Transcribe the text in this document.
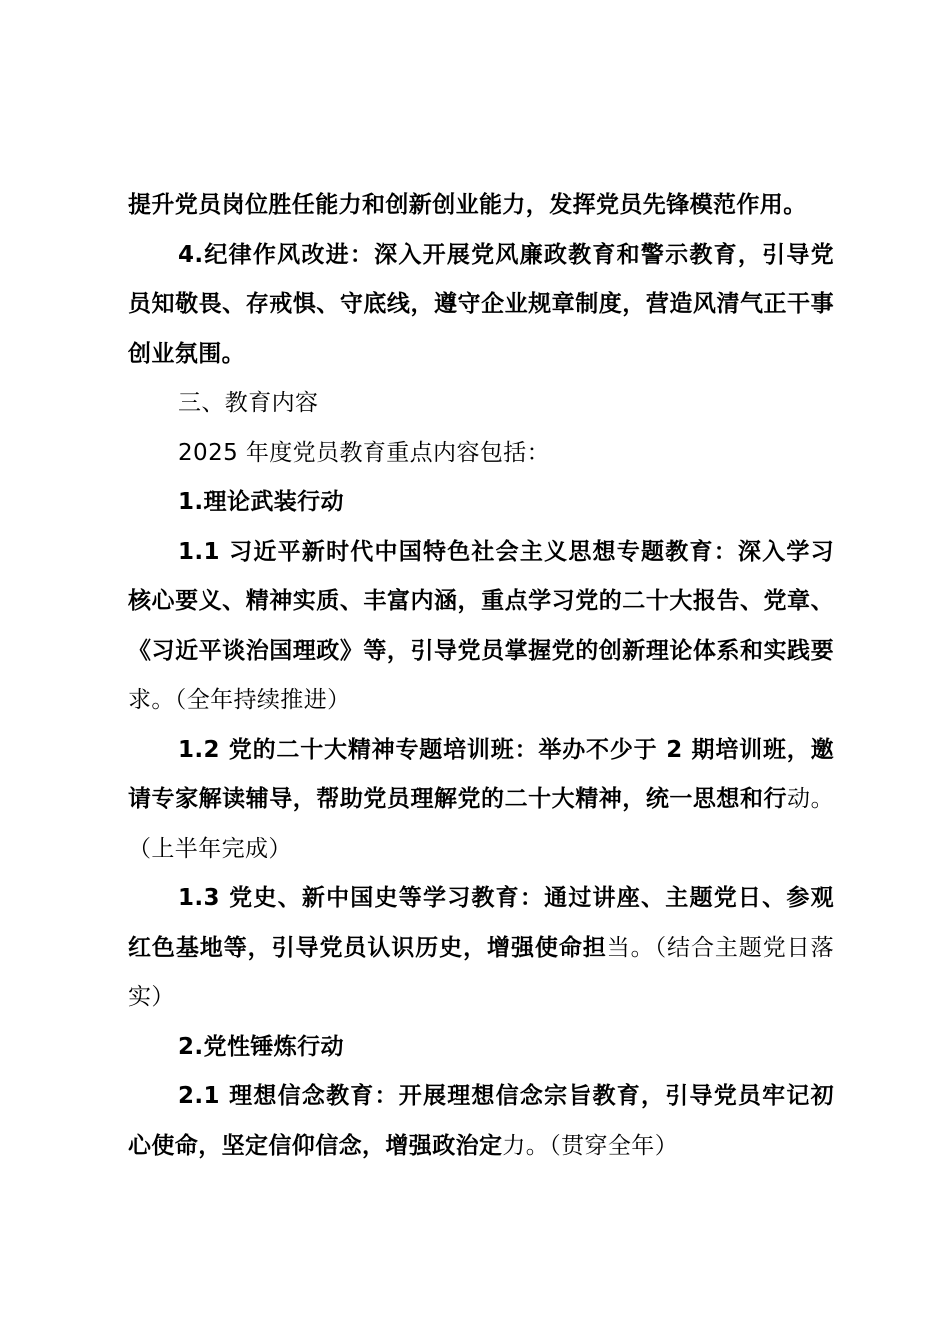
提升党员岗位胜任能力和创新创业能力，发挥党员先锋模范作用。

4.纪律作风改进：深入开展党风廉政教育和警示教育，引导党员知敬畏、存戒惧、守底线，遵守企业规章制度，营造风清气正干事创业氛围。

三、教育内容

2025 年度党员教育重点内容包括：

1.理论武装行动

1.1 习近平新时代中国特色社会主义思想专题教育：深入学习核心要义、精神实质、丰富内涵，重点学习党的二十大报告、党章、《习近平谈治国理政》等，引导党员掌握党的创新理论体系和实践要求。（全年持续推进）

1.2 党的二十大精神专题培训班：举办不少于 2 期培训班，邀请专家解读辅导，帮助党员理解党的二十大精神，统一思想和行动。（上半年完成）

1.3 党史、新中国史等学习教育：通过讲座、主题党日、参观红色基地等，引导党员认识历史，增强使命担当。（结合主题党日落实）

2.党性锤炼行动

2.1 理想信念教育：开展理想信念宗旨教育，引导党员牢记初心使命，坚定信仰信念，增强政治定力。（贯穿全年）
